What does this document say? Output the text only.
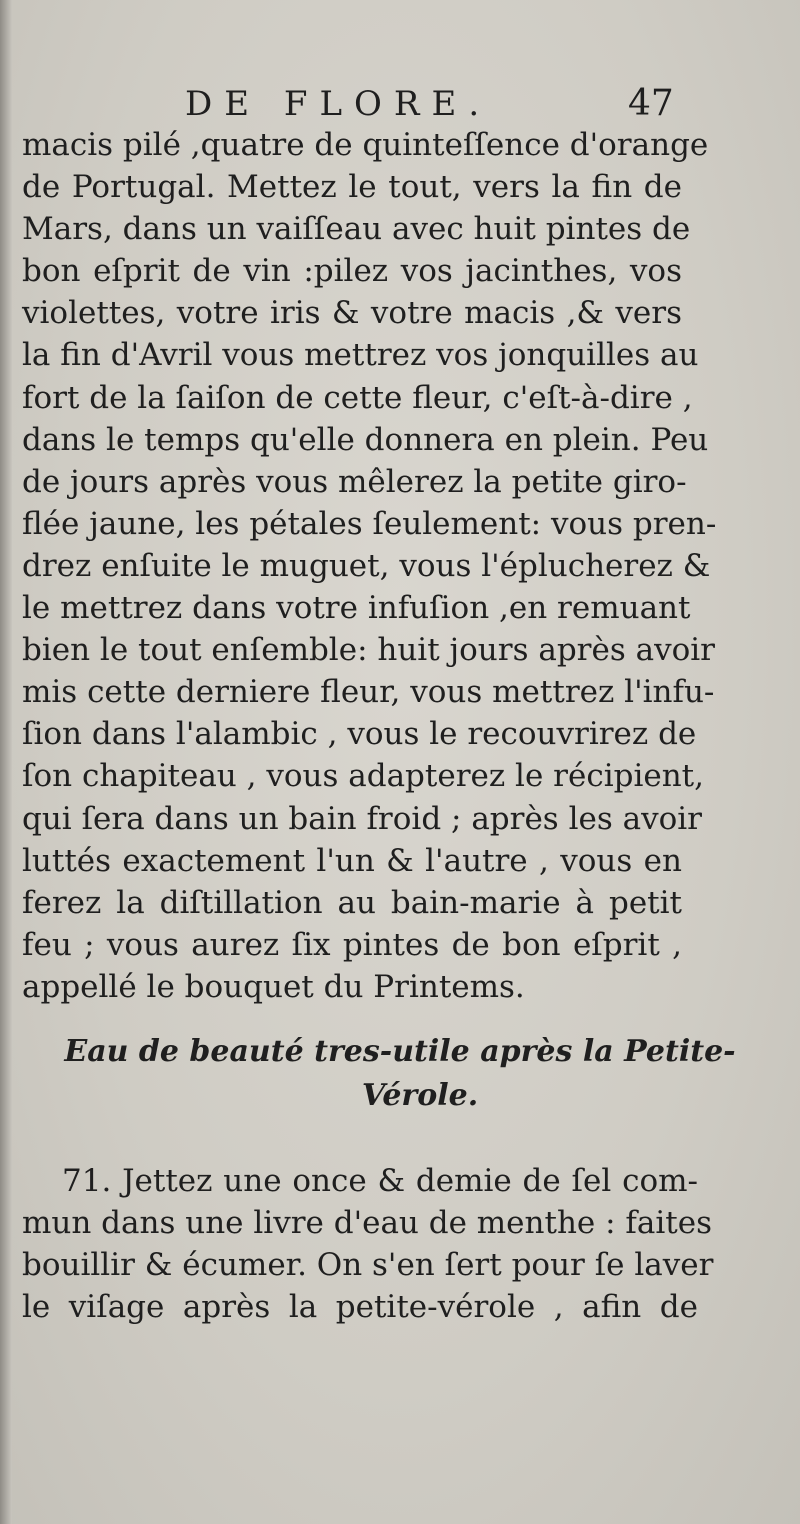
DE FLORE.	47

macis pilé ,quatre de quinteſſence d'orange
de Portugal. Mettez le tout, vers la fin de
Mars, dans un vaiſſeau avec huit pintes de
bon eſprit de vin :pilez vos jacinthes, vos
violettes, votre iris & votre macis ,& vers
la fin d'Avril vous mettrez vos jonquilles au
fort de la ſaiſon de cette fleur, c'eſt-à-dire ,
dans le temps qu'elle donnera en plein. Peu
de jours après vous mêlerez la petite giro-
flée jaune, les pétales ſeulement: vous pren-
drez enſuite le muguet, vous l'éplucherez &
le mettrez dans votre infuſion ,en remuant
bien le tout enſemble: huit jours après avoir
mis cette derniere fleur, vous mettrez l'infu-
ſion dans l'alambic , vous le recouvrirez de
ſon chapiteau , vous adapterez le récipient,
qui ſera dans un bain froid ; après les avoir
luttés exactement l'un & l'autre , vous en
ferez la diſtillation au bain-marie à petit
feu ; vous aurez ſix pintes de bon eſprit ,
appellé le bouquet du Printems.

Eau de beauté tres-utile après la Petite-
Vérole.

71. Jettez une once & demie de ſel com-
mun dans une livre d'eau de menthe : faites
bouillir & écumer. On s'en ſert pour ſe laver
le viſage après la petite-vérole , afin de
